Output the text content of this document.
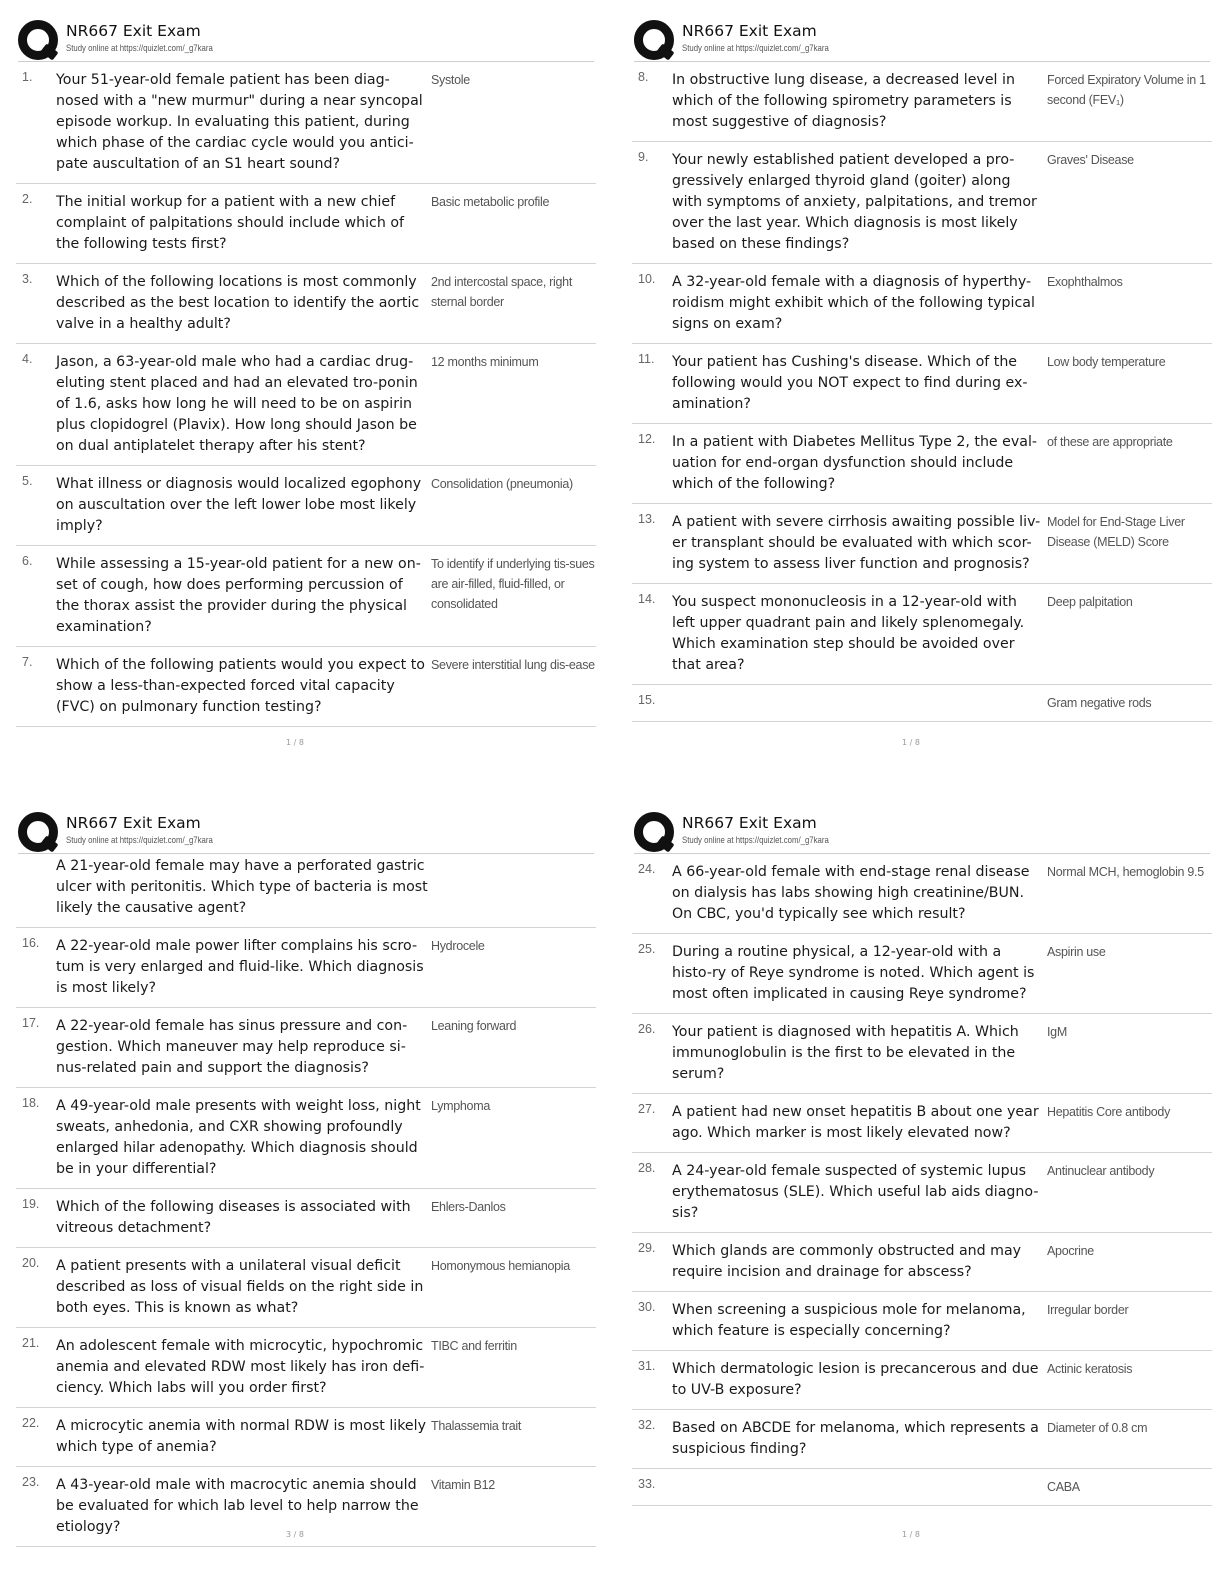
NR667 Exit Exam
Study online at https://quizlet.com/_g7kara
1.	Your 51-year-old female patient has been diag-nosed with a "new murmur" during a near syncopal episode workup. In evaluating this patient, during which phase of the cardiac cycle would you antici-pate auscultation of an S1 heart sound?
Systole
2.	The initial workup for a patient with a new chief complaint of palpitations should include which of the following tests first?
Basic metabolic profile
3.	Which of the following locations is most commonly described as the best location to identify the aortic valve in a healthy adult?
2nd intercostal space, right sternal border
4.	Jason, a 63-year-old male who had a cardiac drug-eluting stent placed and had an elevated tro-ponin of 1.6, asks how long he will need to be on aspirin plus clopidogrel (Plavix). How long should Jason be on dual antiplatelet therapy after his stent?
12 months minimum
5.	What illness or diagnosis would localized egophony on auscultation over the left lower lobe most likely imply?
Consolidation (pneumonia)
6.	While assessing a 15-year-old patient for a new on-set of cough, how does performing percussion of the thorax assist the provider during the physical examination?
To identify if underlying tis-sues are air-filled, fluid-filled, or consolidated
7.	Which of the following patients would you expect to show a less-than-expected forced vital capacity (FVC) on pulmonary function testing?
Severe interstitial lung dis-ease
1 / 8
NR667 Exit Exam
Study online at https://quizlet.com/_g7kara
8.	In obstructive lung disease, a decreased level in which of the following spirometry parameters is most suggestive of diagnosis?
Forced Expiratory Volume in 1 second (FEV₁)
9.	Your newly established patient developed a pro-gressively enlarged thyroid gland (goiter) along with symptoms of anxiety, palpitations, and tremor over the last year. Which diagnosis is most likely based on these findings?
Graves' Disease
10.	A 32-year-old female with a diagnosis of hyperthy-roidism might exhibit which of the following typical signs on exam?
Exophthalmos
11.	Your patient has Cushing's disease. Which of the following would you NOT expect to find during ex-amination?
Low body temperature
12.	In a patient with Diabetes Mellitus Type 2, the eval-uation for end-organ dysfunction should include which of the following?
of these are appropriate
13.	A patient with severe cirrhosis awaiting possible liv-er transplant should be evaluated with which scor-ing system to assess liver function and prognosis?
Model for End-Stage Liver Disease (MELD) Score
14.	You suspect mononucleosis in a 12-year-old with left upper quadrant pain and likely splenomegaly. Which examination step should be avoided over that area?
Deep palpitation
15.	Gram negative rods
1 / 8
NR667 Exit Exam
Study online at https://quizlet.com/_g7kara
A 21-year-old female may have a perforated gastric ulcer with peritonitis. Which type of bacteria is most likely the causative agent?
16.	A 22-year-old male power lifter complains his scro-tum is very enlarged and fluid-like. Which diagnosis is most likely?
Hydrocele
17.	A 22-year-old female has sinus pressure and con-gestion. Which maneuver may help reproduce si-nus-related pain and support the diagnosis?
Leaning forward
18.	A 49-year-old male presents with weight loss, night sweats, anhedonia, and CXR showing profoundly enlarged hilar adenopathy. Which diagnosis should be in your differential?
Lymphoma
19.	Which of the following diseases is associated with vitreous detachment?
Ehlers-Danlos
20.	A patient presents with a unilateral visual deficit described as loss of visual fields on the right side in both eyes. This is known as what?
Homonymous hemianopia
21.	An adolescent female with microcytic, hypochromic anemia and elevated RDW most likely has iron defi-ciency. Which labs will you order first?
TIBC and ferritin
22.	A microcytic anemia with normal RDW is most likely which type of anemia?
Thalassemia trait
23.	A 43-year-old male with macrocytic anemia should be evaluated for which lab level to help narrow the etiology?
Vitamin B12
3 / 8
NR667 Exit Exam
Study online at https://quizlet.com/_g7kara
24.	A 66-year-old female with end-stage renal disease on dialysis has labs showing high creatinine/BUN. On CBC, you'd typically see which result?
Normal MCH, hemoglobin 9.5
25.	During a routine physical, a 12-year-old with a histo-ry of Reye syndrome is noted. Which agent is most often implicated in causing Reye syndrome?
Aspirin use
26.	Your patient is diagnosed with hepatitis A. Which immunoglobulin is the first to be elevated in the serum?
IgM
27.	A patient had new onset hepatitis B about one year ago. Which marker is most likely elevated now?
Hepatitis Core antibody
28.	A 24-year-old female suspected of systemic lupus erythematosus (SLE). Which useful lab aids diagno-sis?
Antinuclear antibody
29.	Which glands are commonly obstructed and may require incision and drainage for abscess?
Apocrine
30.	When screening a suspicious mole for melanoma, which feature is especially concerning?
Irregular border
31.	Which dermatologic lesion is precancerous and due to UV-B exposure?
Actinic keratosis
32.	Based on ABCDE for melanoma, which represents a suspicious finding?
Diameter of 0.8 cm
33.	CABA
1 / 8
